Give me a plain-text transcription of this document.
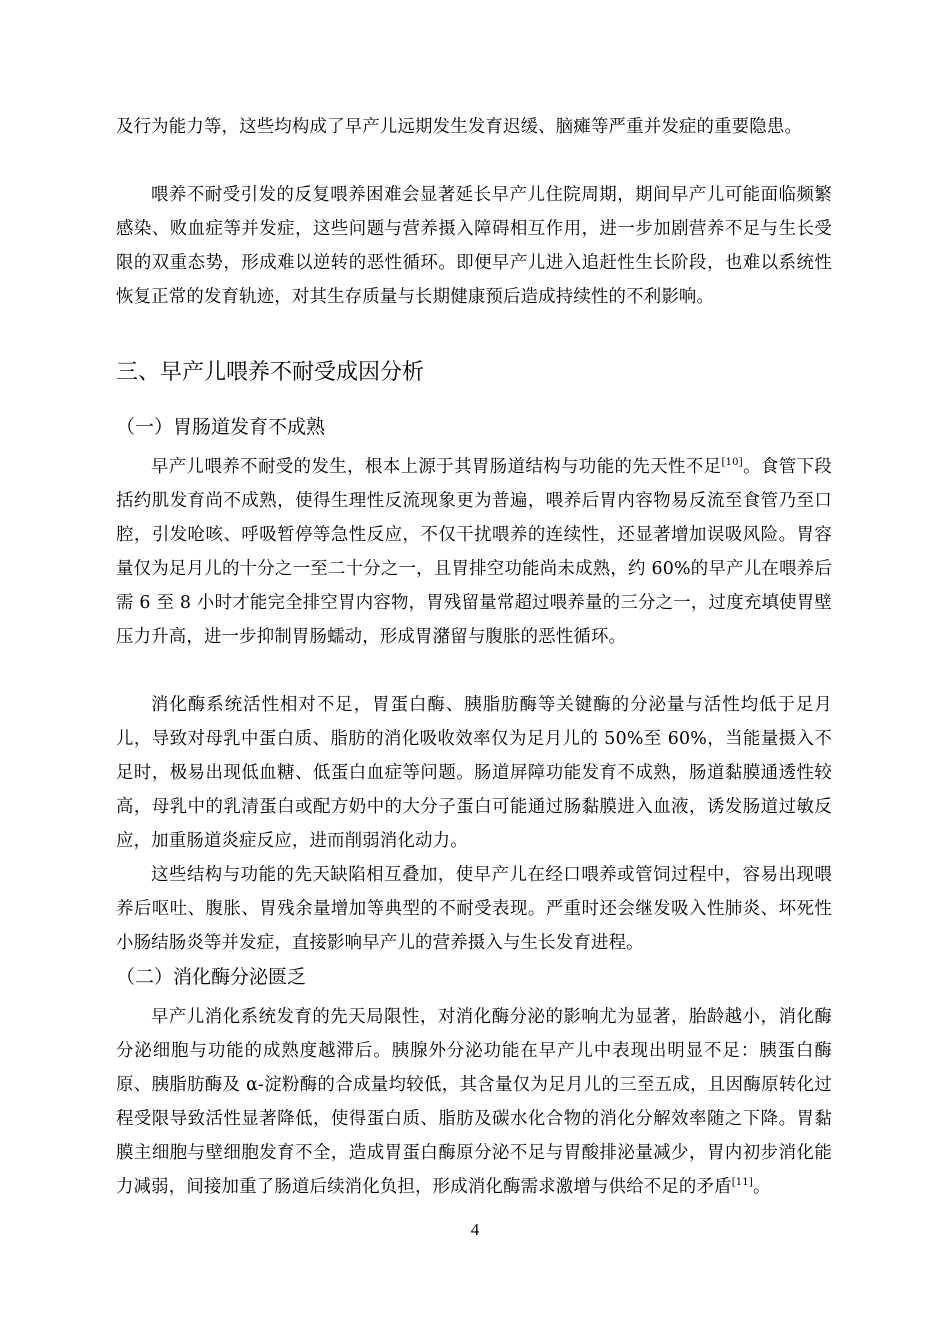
及行为能力等，这些均构成了早产儿远期发生发育迟缓、脑瘫等严重并发症的重要隐患。

喂养不耐受引发的反复喂养困难会显著延长早产儿住院周期，期间早产儿可能面临频繁感染、败血症等并发症，这些问题与营养摄入障碍相互作用，进一步加剧营养不足与生长受限的双重态势，形成难以逆转的恶性循环。即便早产儿进入追赶性生长阶段，也难以系统性恢复正常的发育轨迹，对其生存质量与长期健康预后造成持续性的不利影响。

三、早产儿喂养不耐受成因分析
（一）胃肠道发育不成熟

早产儿喂养不耐受的发生，根本上源于其胃肠道结构与功能的先天性不足[10]。食管下段括约肌发育尚不成熟，使得生理性反流现象更为普遍，喂养后胃内容物易反流至食管乃至口腔，引发呛咳、呼吸暂停等急性反应，不仅干扰喂养的连续性，还显著增加误吸风险。胃容量仅为足月儿的十分之一至二十分之一，且胃排空功能尚未成熟，约 60%的早产儿在喂养后需 6 至 8 小时才能完全排空胃内容物，胃残留量常超过喂养量的三分之一，过度充填使胃壁压力升高，进一步抑制胃肠蠕动，形成胃潴留与腹胀的恶性循环。

消化酶系统活性相对不足，胃蛋白酶、胰脂肪酶等关键酶的分泌量与活性均低于足月儿，导致对母乳中蛋白质、脂肪的消化吸收效率仅为足月儿的 50%至 60%，当能量摄入不足时，极易出现低血糖、低蛋白血症等问题。肠道屏障功能发育不成熟，肠道黏膜通透性较高，母乳中的乳清蛋白或配方奶中的大分子蛋白可能通过肠黏膜进入血液，诱发肠道过敏反应，加重肠道炎症反应，进而削弱消化动力。

这些结构与功能的先天缺陷相互叠加，使早产儿在经口喂养或管饲过程中，容易出现喂养后呕吐、腹胀、胃残余量增加等典型的不耐受表现。严重时还会继发吸入性肺炎、坏死性小肠结肠炎等并发症，直接影响早产儿的营养摄入与生长发育进程。

（二）消化酶分泌匮乏

早产儿消化系统发育的先天局限性，对消化酶分泌的影响尤为显著，胎龄越小，消化酶分泌细胞与功能的成熟度越滞后。胰腺外分泌功能在早产儿中表现出明显不足：胰蛋白酶原、胰脂肪酶及 α-淀粉酶的合成量均较低，其含量仅为足月儿的三至五成，且因酶原转化过程受限导致活性显著降低，使得蛋白质、脂肪及碳水化合物的消化分解效率随之下降。胃黏膜主细胞与壁细胞发育不全，造成胃蛋白酶原分泌不足与胃酸排泌量减少，胃内初步消化能力减弱，间接加重了肠道后续消化负担，形成消化酶需求激增与供给不足的矛盾[11]。

4
